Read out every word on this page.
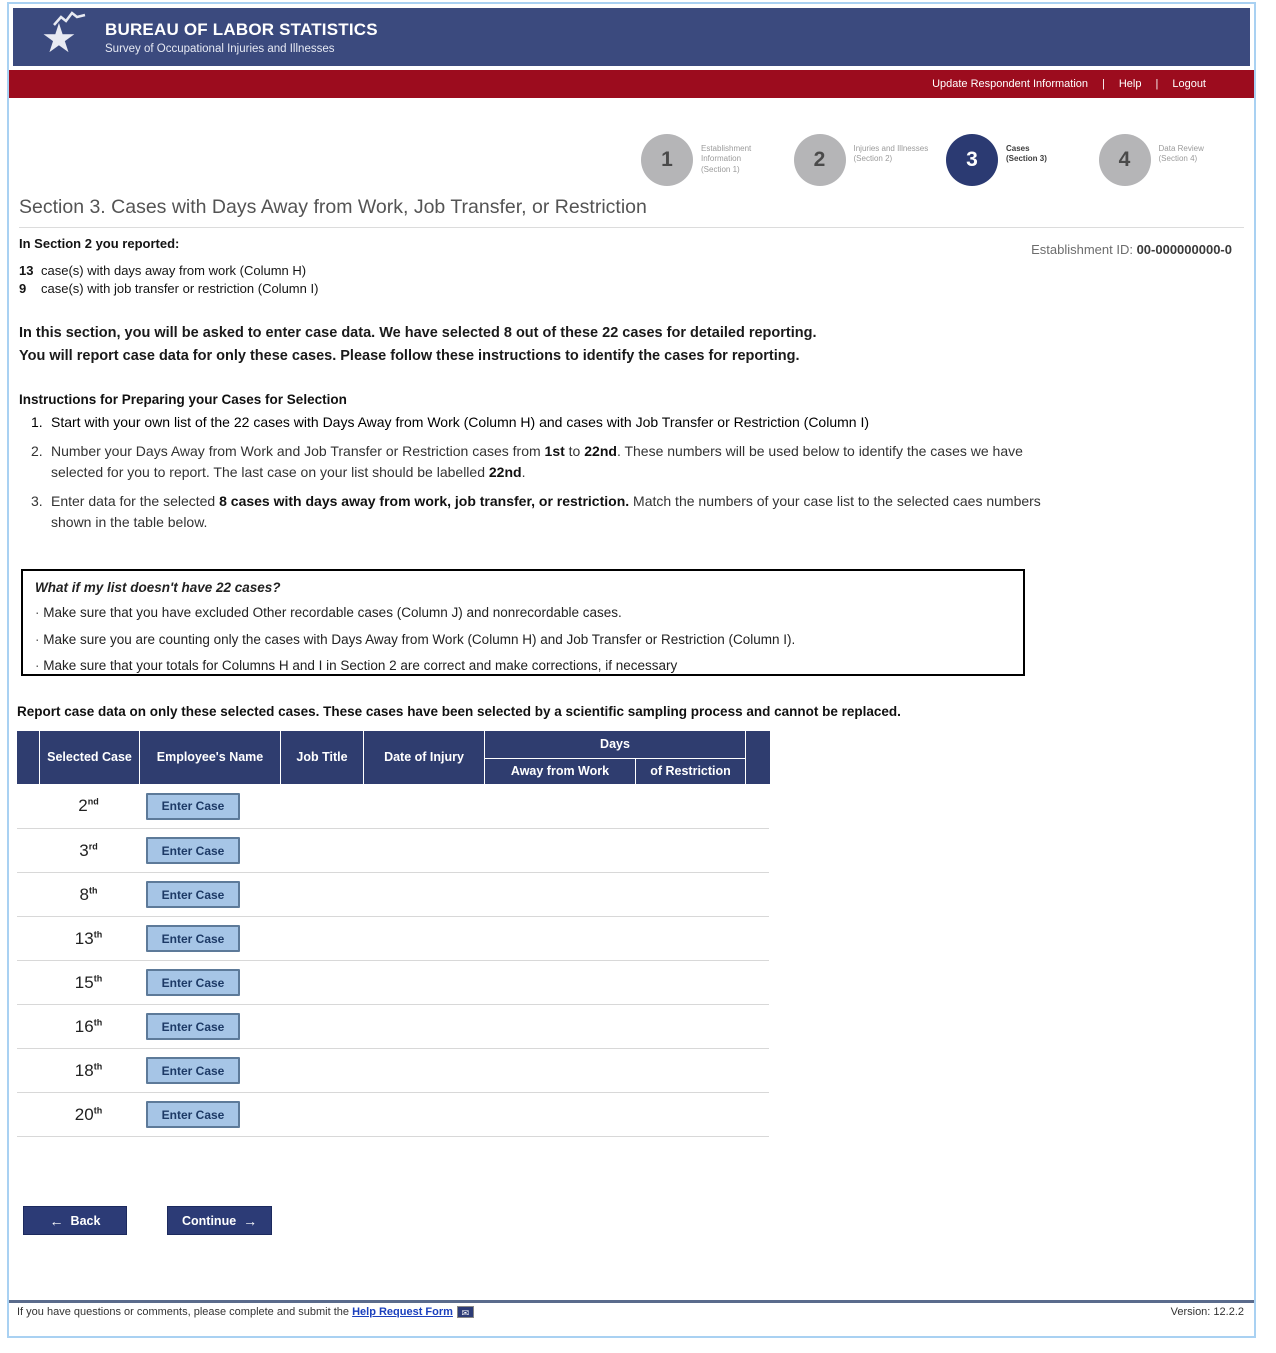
★ BUREAU OF LABOR STATISTICS
Survey of Occupational Injuries and Illnesses
Update Respondent Information | Help | Logout
1	Establishment Information
(Section 1)	2	Injuries and Illnesses
(Section 2)	3	Cases
(Section 3)	4	Data Review
(Section 4)
Section 3. Cases with Days Away from Work, Job Transfer, or Restriction
In Section 2 you reported:
13 case(s) with days away from work (Column H)
9	case(s) with job transfer or restriction (Column I)
Establishment ID: 00-000000000-0
In this section, you will be asked to enter case data. We have selected 8 out of these 22 cases for detailed reporting.
You will report case data for only these cases. Please follow these instructions to identify the cases for reporting.
Instructions for Preparing your Cases for Selection
1. Start with your own list of the 22 cases with Days Away from Work (Column H) and cases with Job Transfer or Restriction (Column I)
2. Number your Days Away from Work and Job Transfer or Restriction cases from 1st to 22nd. These numbers will be used below to identify the cases we have selected for you to report. The last case on your list should be labelled 22nd.
3. Enter data for the selected 8 cases with days away from work, job transfer, or restriction. Match the numbers of your case list to the selected caes numbers shown in the table below.
What if my list doesn't have 22 cases?
· Make sure that you have excluded Other recordable cases (Column J) and nonrecordable cases.
· Make sure you are counting only the cases with Days Away from Work (Column H) and Job Transfer or Restriction (Column I).
· Make sure that your totals for Columns H and I in Section 2 are correct and make corrections, if necessary
Report case data on only these selected cases. These cases have been selected by a scientific sampling process and cannot be replaced.
Selected Case	Employee's Name	Job Title	Date of Injury
Days
Away from Work	of Restriction
2nd	Enter Case
3rd	Enter Case
8th	Enter Case
13th	Enter Case
15th	Enter Case
16th	Enter Case
18th	Enter Case
20th	Enter Case
← Back	Continue →
If you have questions or comments, please complete and submit the Help Request Form ✉	Version: 12.2.2
